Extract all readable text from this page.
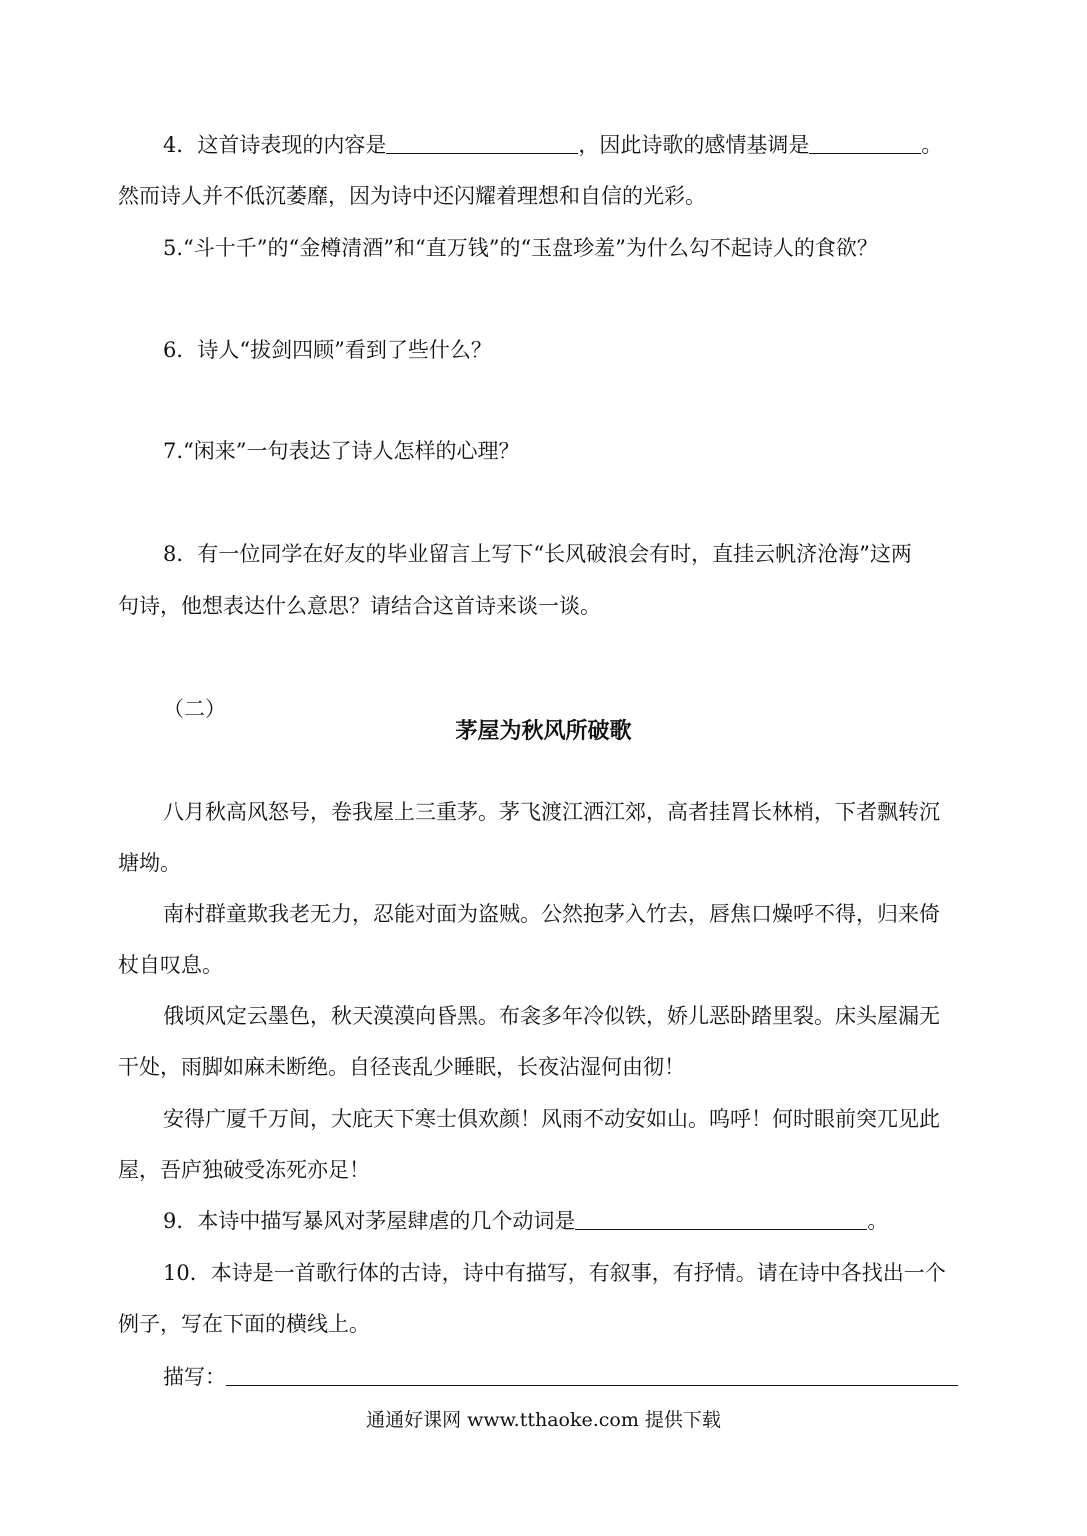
4．这首诗表现的内容是	，因此诗歌的感情基调是	。
然而诗人并不低沉萎靡，因为诗中还闪耀着理想和自信的光彩。
5.“斗十千”的“金樽清酒”和“直万钱”的“玉盘珍羞”为什么勾不起诗人的食欲？
6．诗人“拔剑四顾”看到了些什么？
7.“闲来”一句表达了诗人怎样的心理？
8．有一位同学在好友的毕业留言上写下“长风破浪会有时，直挂云帆济沧海”这两
句诗，他想表达什么意思？请结合这首诗来谈一谈。
（二）
茅屋为秋风所破歌
八月秋高风怒号，卷我屋上三重茅。茅飞渡江洒江郊，高者挂罥长林梢，下者飘转沉
塘坳。
南村群童欺我老无力，忍能对面为盗贼。公然抱茅入竹去，唇焦口燥呼不得，归来倚
杖自叹息。
俄顷风定云墨色，秋天漠漠向昏黑。布衾多年冷似铁，娇儿恶卧踏里裂。床头屋漏无
干处，雨脚如麻未断绝。自径丧乱少睡眠，长夜沾湿何由彻！
安得广厦千万间，大庇天下寒士俱欢颜！风雨不动安如山。呜呼！何时眼前突兀见此
屋，吾庐独破受冻死亦足！
9．本诗中描写暴风对茅屋肆虐的几个动词是	。
10．本诗是一首歌行体的古诗，诗中有描写，有叙事，有抒情。请在诗中各找出一个
例子，写在下面的横线上。
描写：
通通好课网 www.tthaoke.com 提供下载
